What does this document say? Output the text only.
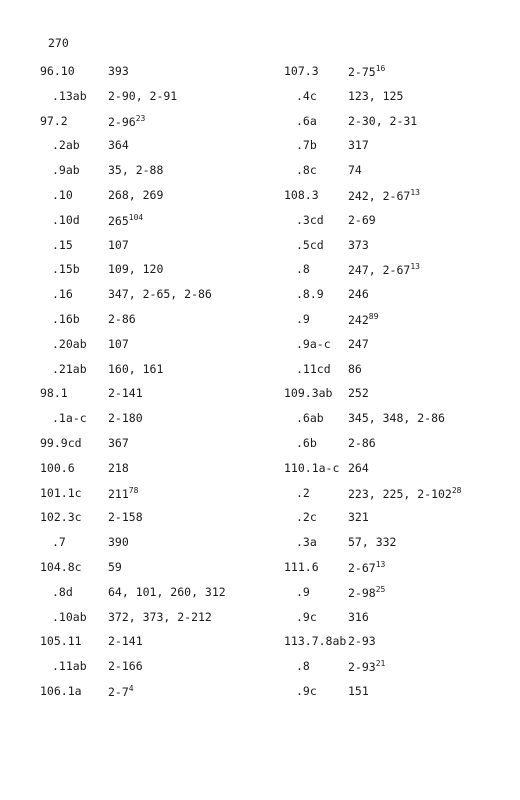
270
96.10	393
.13ab 2-90, 2-91
97.2	$2-96^{23}$
.2ab 364
.9ab 35, 2-88
.10	268, 269
.10d $265^{104}$
.15	107
.15b 109, 120
.16	347, 2-65, 2-86
.16b 2-86
.20ab 107
.21ab 160, 161
98.1	2-141
.1a-c 2-180
99.9cd 367
100.6	218
101.1c $211^{78}$
102.3c 2-158
.7	390
104.8c 59
.8d	64, 101, 260, 312
.10ab 372, 373, 2-212
105.11 2-141
.11ab 2-166
106.1a $2-7^4$
107.3	$2-75^{16}$
.4c	123, 125
.6a	2-30, 2-31
.7b	317
.8c	74
108.3	242, $2-67^{13}$
.3cd 2-69
.5cd 373
.8	247, $2-67^{13}$
.8.9 246
.9	$242^{89}$
.9a-c 247
.11cd 86
109.3ab 252
.6ab 345, 348, 2-86
.6b	2-86
110.1a-c 264
.2	223, 225, $2-102^{28}$
.2c	321
.3a	57, 332
111.6	$2-67^{13}$
.9	$2-98^{25}$
.9c	316
113.7.8ab 2-93
.8	$2-93^{21}$
.9c	151
